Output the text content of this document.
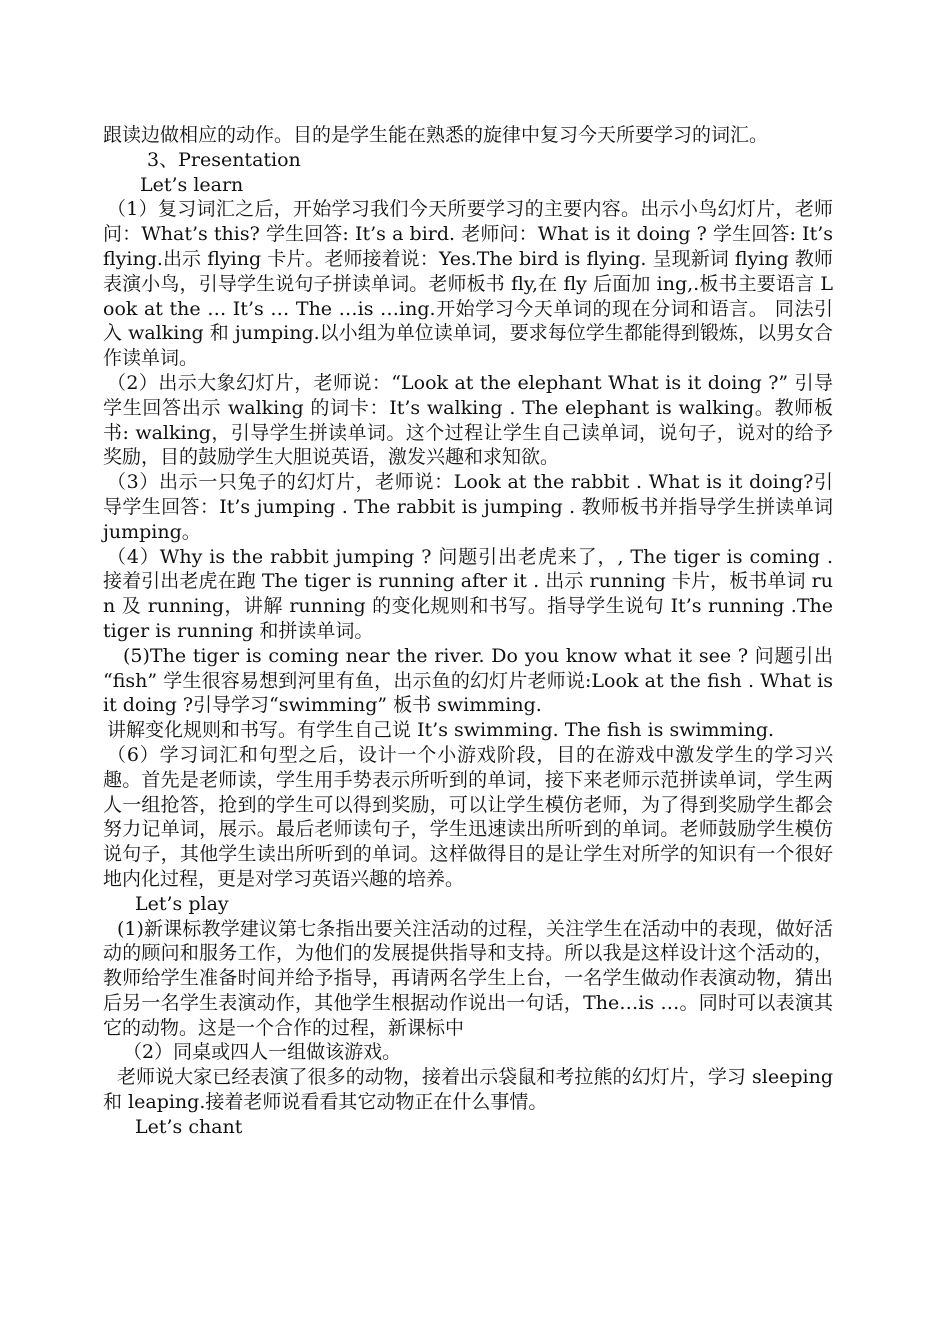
跟读边做相应的动作。目的是学生能在熟悉的旋律中复习今天所要学习的词汇。

3、Presentation

Let’s learn

（1）复习词汇之后，开始学习我们今天所要学习的主要内容。出示小鸟幻灯片，老师问：What’s this? 学生回答: It’s a bird. 老师问：What is it doing ? 学生回答: It’s flying.出示 flying 卡片。老师接着说：Yes.The bird is flying. 呈现新词 flying 教师表演小鸟，引导学生说句子拼读单词。老师板书 fly,在 fly 后面加 ing,.板书主要语言 Look at the … It’s … The …is …ing.开始学习今天单词的现在分词和语言。 同法引入 walking 和 jumping.以小组为单位读单词，要求每位学生都能得到锻炼，以男女合作读单词。

（2）出示大象幻灯片，老师说：“Look at the elephant What is it doing ?” 引导学生回答出示 walking 的词卡：It’s walking . The elephant is walking。教师板书: walking，引导学生拼读单词。这个过程让学生自己读单词，说句子，说对的给予奖励，目的鼓励学生大胆说英语，激发兴趣和求知欲。

（3）出示一只兔子的幻灯片，老师说：Look at the rabbit . What is it doing?引导学生回答：It’s jumping . The rabbit is jumping . 教师板书并指导学生拼读单词 jumping。

（4）Why is the rabbit jumping ? 问题引出老虎来了，, The tiger is coming . 接着引出老虎在跑 The tiger is running after it . 出示 running 卡片，板书单词 run 及 running，讲解 running 的变化规则和书写。指导学生说句 It’s running .The tiger is running 和拼读单词。

(5)The tiger is coming near the river. Do you know what it see ? 问题引出 “fish” 学生很容易想到河里有鱼，出示鱼的幻灯片老师说:Look at the fish . What is it doing ?引导学习“swimming” 板书 swimming.

讲解变化规则和书写。有学生自己说 It’s swimming. The fish is swimming.

（6）学习词汇和句型之后，设计一个小游戏阶段，目的在游戏中激发学生的学习兴趣。首先是老师读，学生用手势表示所听到的单词，接下来老师示范拼读单词，学生两人一组抢答，抢到的学生可以得到奖励，可以让学生模仿老师，为了得到奖励学生都会努力记单词，展示。最后老师读句子，学生迅速读出所听到的单词。老师鼓励学生模仿说句子，其他学生读出所听到的单词。这样做得目的是让学生对所学的知识有一个很好地内化过程，更是对学习英语兴趣的培养。

Let’s play

(1)新课标教学建议第七条指出要关注活动的过程，关注学生在活动中的表现，做好活动的顾问和服务工作，为他们的发展提供指导和支持。所以我是这样设计这个活动的，教师给学生准备时间并给予指导，再请两名学生上台，一名学生做动作表演动物，猜出后另一名学生表演动作，其他学生根据动作说出一句话，The…is …。同时可以表演其它的动物。这是一个合作的过程，新课标中

（2）同桌或四人一组做该游戏。

老师说大家已经表演了很多的动物，接着出示袋鼠和考拉熊的幻灯片，学习 sleeping 和 leaping.接着老师说看看其它动物正在什么事情。

Let’s chant
